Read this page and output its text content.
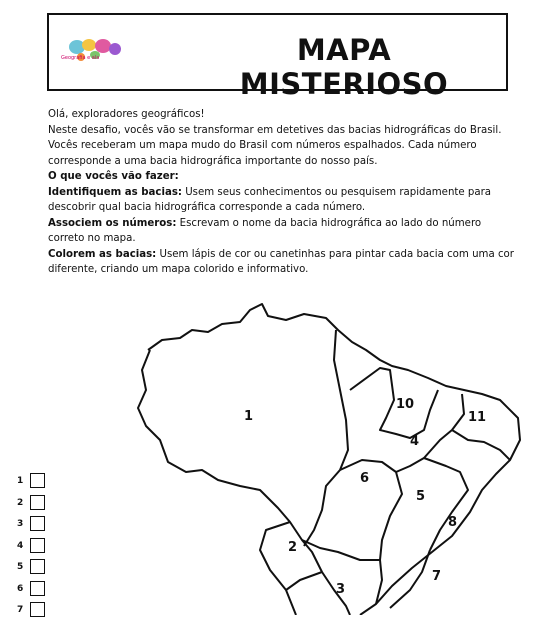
Geografia e ala	MAPA MISTERIOSO

Olá, exploradores geográficos!

Neste desafio, vocês vão se transformar em detetives das bacias hidrográficas do Brasil. Vocês receberam um mapa mudo do Brasil com números espalhados. Cada número corresponde a uma bacia hidrográfica importante do nosso país.

O que vocês vão fazer:

Identifiquem as bacias: Usem seus conhecimentos ou pesquisem rapidamente para descobrir qual bacia hidrográfica corresponde a cada número.

Associem os números: Escrevam o nome da bacia hidrográfica ao lado do número correto no mapa.

Colorem as bacias: Usem lápis de cor ou canetinhas para pintar cada bacia com uma cor diferente, criando um mapa colorido e informativo.

1
2
3
4
5
6
7
8
10
11
1
2
3
4
5
6
7
